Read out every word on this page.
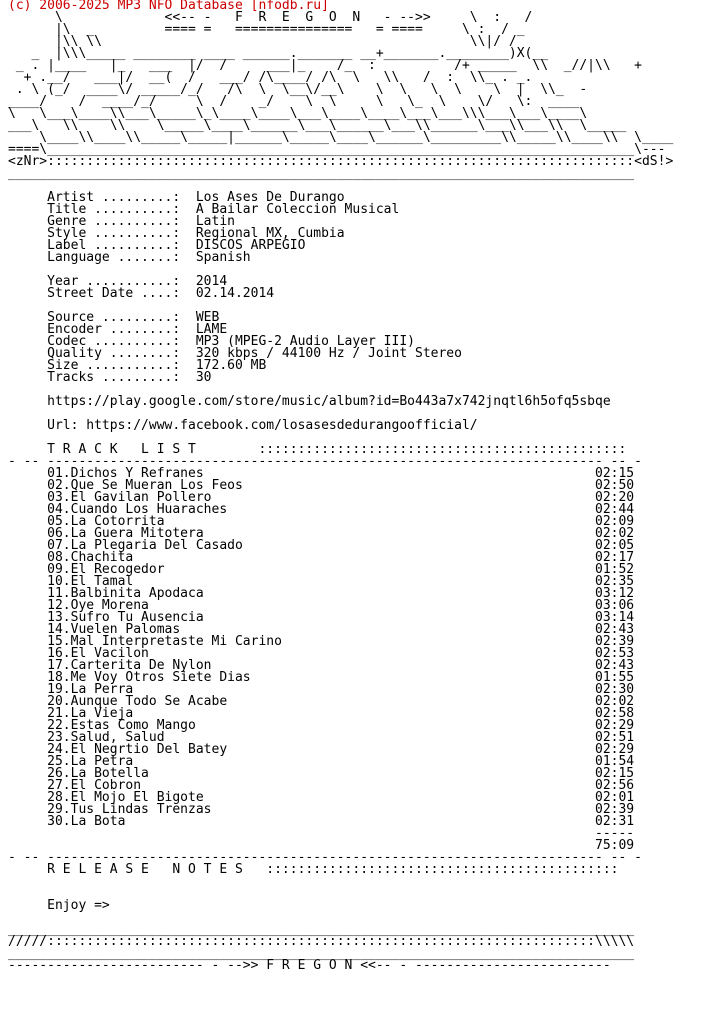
(c) 2006-2025 MP3 NFO Database [nfodb.ru]
\             <<-- -   F  R  E  G  O  N   - -->>     \  :   /
|\  _         ==== =   ===============   = ====     \ :  / _
|\\ \\                                               \\|/ /
_  |\\\_____ ________ ____ ______._______ __+_______.________)X(__
_ . |____   |_   ___  |/  /     ___|_    /_  :          /+ _____  \\  _//|\\   +
+ .__/   ___|/  __(  /   ___/ /\____/ /\  \   \\   /  :  \\_ . _.
. \ (_/  ____\/ _____/_/   /\  \  \__\/__\    \  \   \  \    \  |  \\_  -
____/    /  ____/_/     \  /    _/    \  \     \   \_  \    \/   \:  ____
\   \___\____\\___\_____\_\____\____\___\____\____\___\___\\\___\___\____\
___\   \\    \\    \_____\____\______\___\______\___\\______\___\\___\\  \_____
\____\\____\\_____\_____|______\_____\____\______\_________\\_____\\____\\  \____
====\___________________________________________________________________________\---
<zNr>:::::::::::::::::::::::::::::::::::::::::::::::::::::::::::::::::::::::::::<dS!>
________________________________________________________________________________
Artist .........:  Los Ases De Durango
Title ..........:  A Bailar Coleccion Musical
Genre ..........:  Latin
Style ..........:  Regional MX, Cumbia
Label ..........:  DISCOS ARPEGIO
Language .......:  Spanish
Year ...........:  2014
Street Date ....:  02.14.2014
Source .........:  WEB
Encoder ........:  LAME
Codec ..........:  MP3 (MPEG-2 Audio Layer III)
Quality ........:  320 kbps / 44100 Hz / Joint Stereo
Size ...........:  172.60 MB
Tracks .........:  30
https://play.google.com/store/music/album?id=Bo443a7x742jnqtl6h5ofq5sbqe
Url: https://www.facebook.com/losasesdedurangoofficial/
T R A C K   L I S T        :::::::::::::::::::::::::::::::::::::::::::::::
- -- ----------------------------------------------------------------------- -- -
01.Dichos Y Refranes                                                  02:15
02.Que Se Mueran Los Feos                                             02:50
03.El Gavilan Pollero                                                 02:20
04.Cuando Los Huaraches                                               02:44
05.La Cotorrita                                                       02:09
06.La Guera Mitotera                                                  02:02
07.La Plegaria Del Casado                                             02:05
08.Chachita                                                           02:17
09.El Recogedor                                                       01:52
10.El Tamal                                                           02:35
11.Balbinita Apodaca                                                  03:12
12.Oye Morena                                                         03:06
13.Sufro Tu Ausencia                                                  03:14
14.Vuelen Palomas                                                     02:43
15.Mal Interpretaste Mi Carino                                        02:39
16.El Vacilon                                                         02:53
17.Carterita De Nylon                                                 02:43
18.Me Voy Otros Siete Dias                                            01:55
19.La Perra                                                           02:30
20.Aunque Todo Se Acabe                                               02:02
21.La Vieja                                                           02:58
22.Estas Como Mango                                                   02:29
23.Salud, Salud                                                       02:51
24.El Negrtio Del Batey                                               02:29
25.La Petra                                                           01:54
26.La Botella                                                         02:15
27.El Cobron                                                          02:56
28.El Mojo El Bigote                                                  02:01
29.Tus Lindas Trenzas                                                 02:39
30.La Bota                                                            02:31
-----
75:09
- -- ----------------------------------------------------------------------- -- -
R E L E A S E   N O T E S   :::::::::::::::::::::::::::::::::::::::::::::
Enjoy =>
________________________________________________________________________________
/////::::::::::::::::::::::::::::::::::::::::::::::::::::::::::::::::::::::\\\\\
________________________________________________________________________________
------------------------- - -->> F R E G O N <<-- - -------------------------
